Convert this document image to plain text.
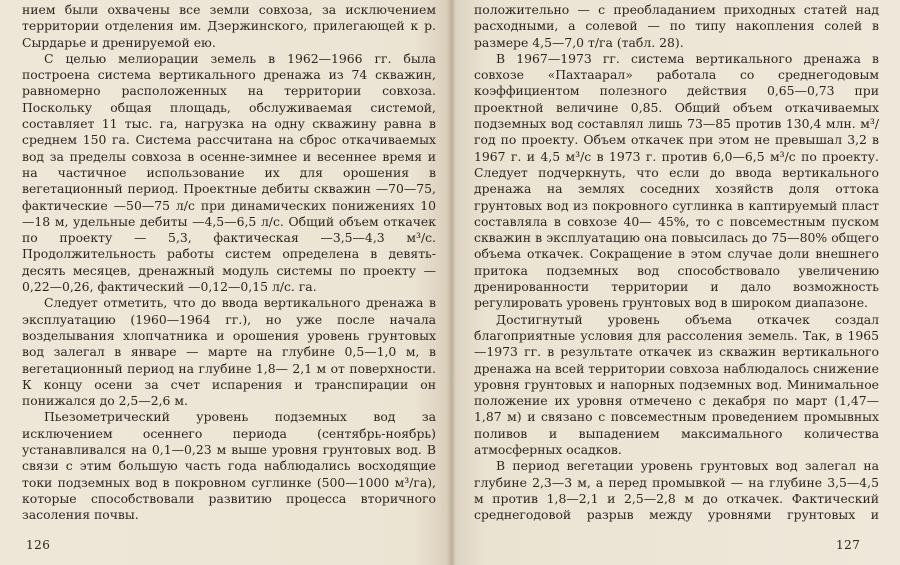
нием были охвачены все земли совхоза, за исключением территории отделения им. Дзержинского, прилегающей к р. Сырдарье и дренируемой ею.

С целью мелиорации земель в 1962—1966 гг. была построена система вертикального дренажа из 74 скважин, равномерно расположенных на территории совхоза. Поскольку общая площадь, обслуживаемая системой, составляет 11 тыс. га, нагрузка на одну скважину равна в среднем 150 га. Система рассчитана на сброс откачиваемых вод за пределы совхоза в осенне-зимнее и весеннее время и на частичное использование их для орошения в вегетационный период. Проектные дебиты скважин —70—75, фактические —50—75 л/с при динамических понижениях 10—18 м, удельные дебиты —4,5—6,5 л/с. Общий объем откачек по проекту — 5,3, фактическая —3,5—4,3 м³/с. Продолжительность работы систем определена в девять-десять месяцев, дренажный модуль системы по проекту —0,22—0,26, фактический —0,12—0,15 л/с. га.

Следует отметить, что до ввода вертикального дренажа в эксплуатацию (1960—1964 гг.), но уже после начала возделывания хлопчатника и орошения уровень грунтовых вод залегал в январе — марте на глубине 0,5—1,0 м, в вегетационный период на глубине 1,8— 2,1 м от поверхности. К концу осени за счет испарения и транспирации он понижался до 2,5—2,6 м.

Пьезометрический уровень подземных вод за исключением осеннего периода (сентябрь-ноябрь) устанавливался на 0,1—0,23 м выше уровня грунтовых вод. В связи с этим большую часть года наблюдались восходящие токи подземных вод в покровном суглинке (500—1000 м³/га), которые способствовали развитию процесса вторичного засоления почвы.

126

положительно — с преобладанием приходных статей над расходными, а солевой — по типу накопления солей в размере 4,5—7,0 т/га (табл. 28).

В 1967—1973 гг. система вертикального дренажа в совхозе «Пахтаарал» работала со среднегодовым коэффициентом полезного действия 0,65—0,73 при проектной величине 0,85. Общий объем откачиваемых подземных вод составлял лишь 73—85 против 130,4 млн. м³/год по проекту. Объем откачек при этом не превышал 3,2 в 1967 г. и 4,5 м³/с в 1973 г. против 6,0—6,5 м³/с по проекту. Следует подчеркнуть, что если до ввода вертикального дренажа на землях соседних хозяйств доля оттока грунтовых вод из покровного суглинка в каптируемый пласт составляла в совхозе 40— 45%, то с повсеместным пуском скважин в эксплуатацию она повысилась до 75—80% общего объема откачек. Сокращение в этом случае доли внешнего притока подземных вод способствовало увеличению дренированности территории и дало возможность регулировать уровень грунтовых вод в широком диапазоне.

Достигнутый уровень объема откачек создал благоприятные условия для рассоления земель. Так, в 1965—1973 гг. в результате откачек из скважин вертикального дренажа на всей территории совхоза наблюдалось снижение уровня грунтовых и напорных подземных вод. Минимальное положение их уровня отмечено с декабря по март (1,47—1,87 м) и связано с повсеместным проведением промывных поливов и выпадением максимального количества атмосферных осадков.

В период вегетации уровень грунтовых вод залегал на глубине 2,3—3 м, а перед промывкой — на глубине 3,5—4,5 м против 1,8—2,1 и 2,5—2,8 м до откачек. Фактический среднегодовой разрыв между уровнями грунтовых и

127
